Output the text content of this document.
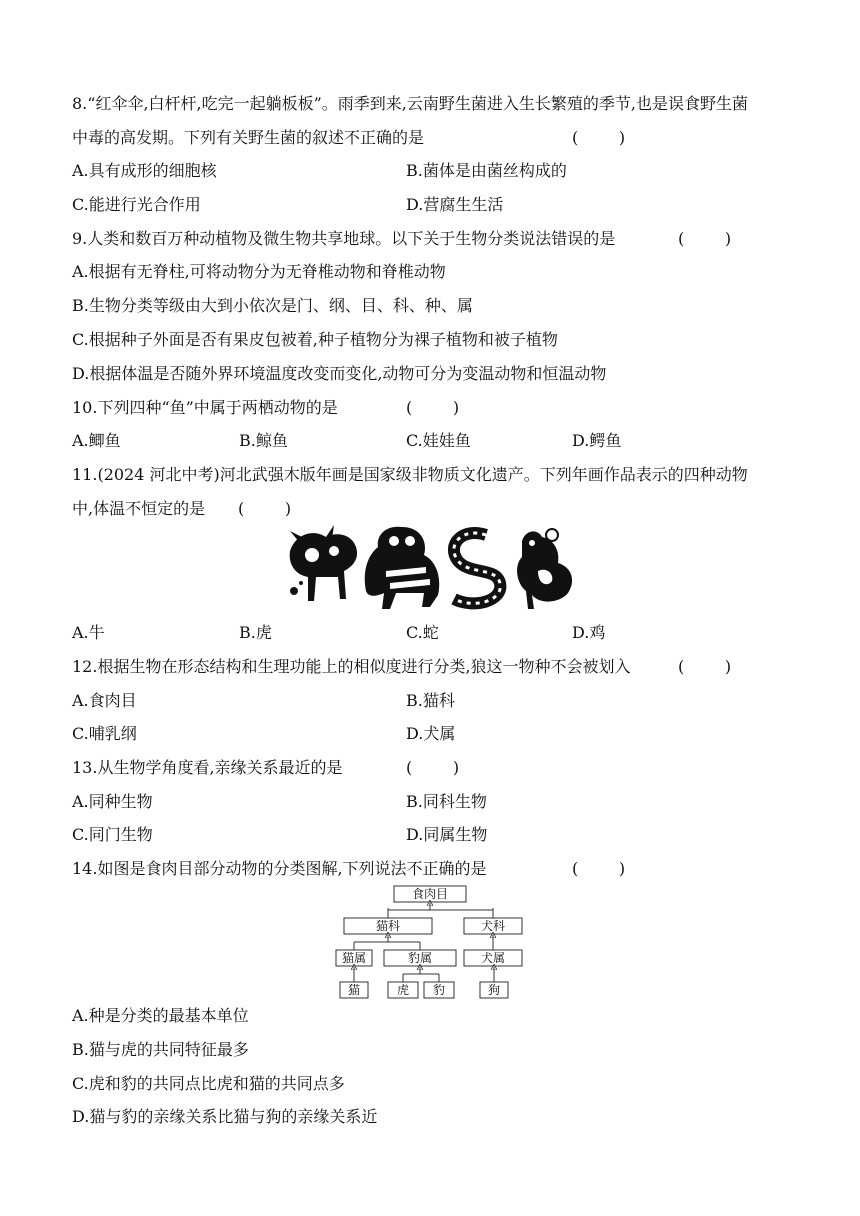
8.“红伞伞,白杆杆,吃完一起躺板板”。雨季到来,云南野生菌进入生长繁殖的季节,也是误食野生菌
中毒的高发期。下列有关野生菌的叙述不正确的是	(        )
A.具有成形的细胞核	B.菌体是由菌丝构成的
C.能进行光合作用	D.营腐生生活
9.人类和数百万种动植物及微生物共享地球。以下关于生物分类说法错误的是	(        )
A.根据有无脊柱,可将动物分为无脊椎动物和脊椎动物
B.生物分类等级由大到小依次是门、纲、目、科、种、属
C.根据种子外面是否有果皮包被着,种子植物分为裸子植物和被子植物
D.根据体温是否随外界环境温度改变而变化,动物可分为变温动物和恒温动物
10.下列四种“鱼”中属于两栖动物的是	(        )
A.鲫鱼	B.鲸鱼	C.娃娃鱼	D.鳄鱼
11.(2024 河北中考)河北武强木版年画是国家级非物质文化遗产。下列年画作品表示的四种动物
中,体温不恒定的是 (        )
A.牛	B.虎	C.蛇	D.鸡
12.根据生物在形态结构和生理功能上的相似度进行分类,狼这一物种不会被划入	(        )
A.食肉目	B.猫科
C.哺乳纲	D.犬属
13.从生物学角度看,亲缘关系最近的是	(        )
A.同种生物	B.同科生物
C.同门生物	D.同属生物
14.如图是食肉目部分动物的分类图解,下列说法不正确的是	(        )
食肉目
猫科	犬科
猫属	豹属	犬属
猫	虎 豹	狗
A.种是分类的最基本单位
B.猫与虎的共同特征最多
C.虎和豹的共同点比虎和猫的共同点多
D.猫与豹的亲缘关系比猫与狗的亲缘关系近
